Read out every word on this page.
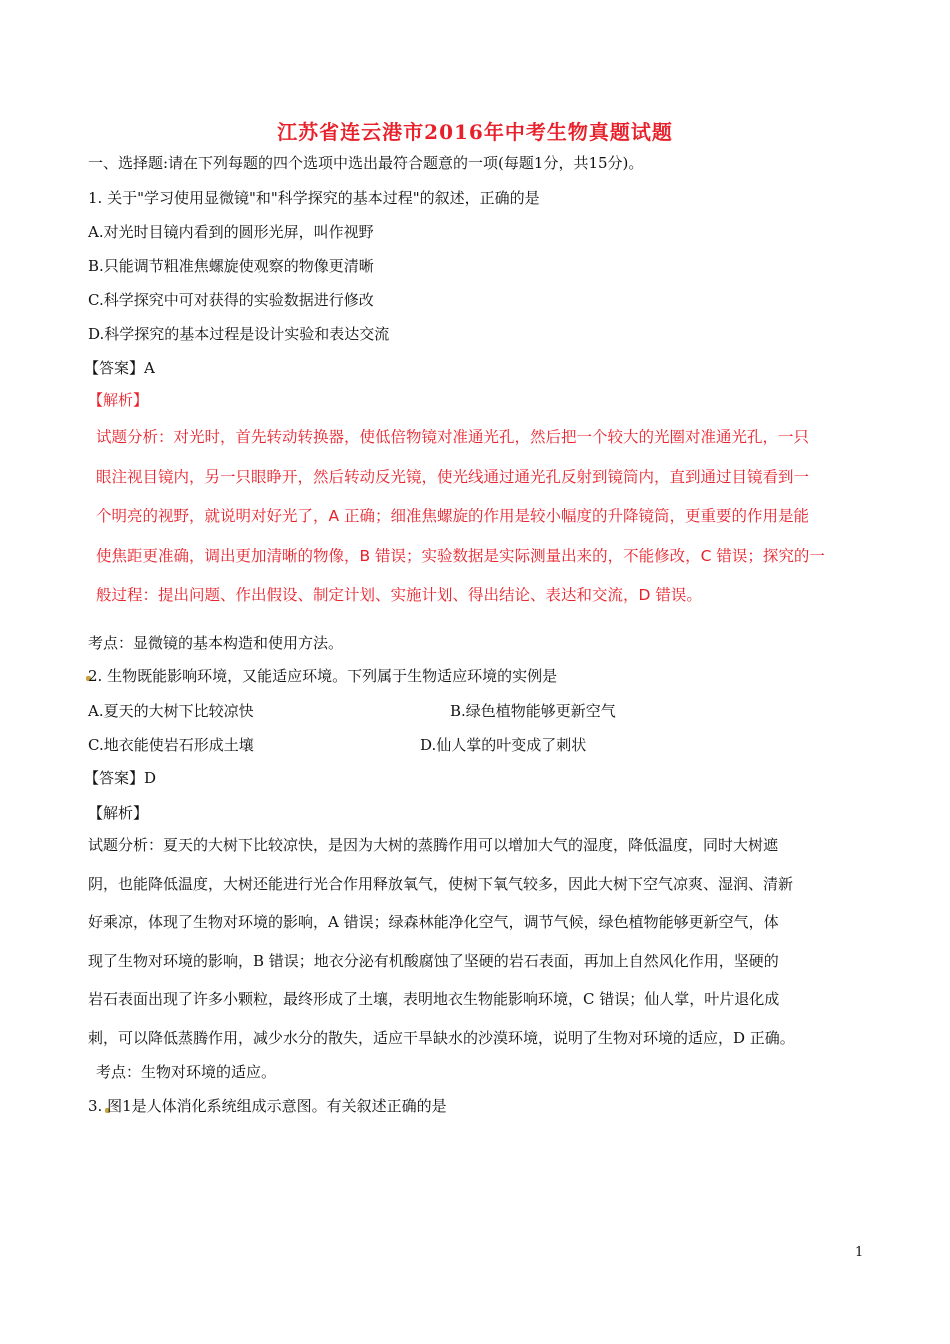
江苏省连云港市2016年中考生物真题试题
一、选择题:请在下列每题的四个选项中选出最符合题意的一项(每题1分，共15分)。
1. 关于"学习使用显微镜"和"科学探究的基本过程"的叙述，正确的是
A.对光时目镜内看到的圆形光屏，叫作视野
B.只能调节粗准焦螺旋使观察的物像更清晰
C.科学探究中可对获得的实验数据进行修改
D.科学探究的基本过程是设计实验和表达交流
【答案】A
【解析】
试题分析：对光时，首先转动转换器，使低倍物镜对准通光孔，然后把一个较大的光圈对准通光孔，一只
眼注视目镜内，另一只眼睁开，然后转动反光镜，使光线通过通光孔反射到镜筒内，直到通过目镜看到一
个明亮的视野，就说明对好光了，A 正确；细准焦螺旋的作用是较小幅度的升降镜筒，更重要的作用是能
使焦距更准确，调出更加清晰的物像，B 错误；实验数据是实际测量出来的，不能修改，C 错误；探究的一
般过程：提出问题、作出假设、制定计划、实施计划、得出结论、表达和交流，D 错误。
考点：显微镜的基本构造和使用方法。
2. 生物既能影响环境，又能适应环境。下列属于生物适应环境的实例是
A.夏天的大树下比较凉快	B.绿色植物能够更新空气
C.地衣能使岩石形成土壤	D.仙人掌的叶变成了刺状
【答案】D
【解析】
试题分析：夏天的大树下比较凉快，是因为大树的蒸腾作用可以增加大气的湿度，降低温度，同时大树遮
阴，也能降低温度，大树还能进行光合作用释放氧气，使树下氧气较多，因此大树下空气凉爽、湿润、清新
好乘凉，体现了生物对环境的影响，A 错误；绿森林能净化空气，调节气候，绿色植物能够更新空气，体
现了生物对环境的影响，B 错误；地衣分泌有机酸腐蚀了坚硬的岩石表面，再加上自然风化作用，坚硬的
岩石表面出现了许多小颗粒，最终形成了土壤，表明地衣生物能影响环境，C 错误；仙人掌，叶片退化成
刺，可以降低蒸腾作用，减少水分的散失，适应干旱缺水的沙漠环境，说明了生物对环境的适应，D 正确。
考点：生物对环境的适应。
3. 图1是人体消化系统组成示意图。有关叙述正确的是
1
